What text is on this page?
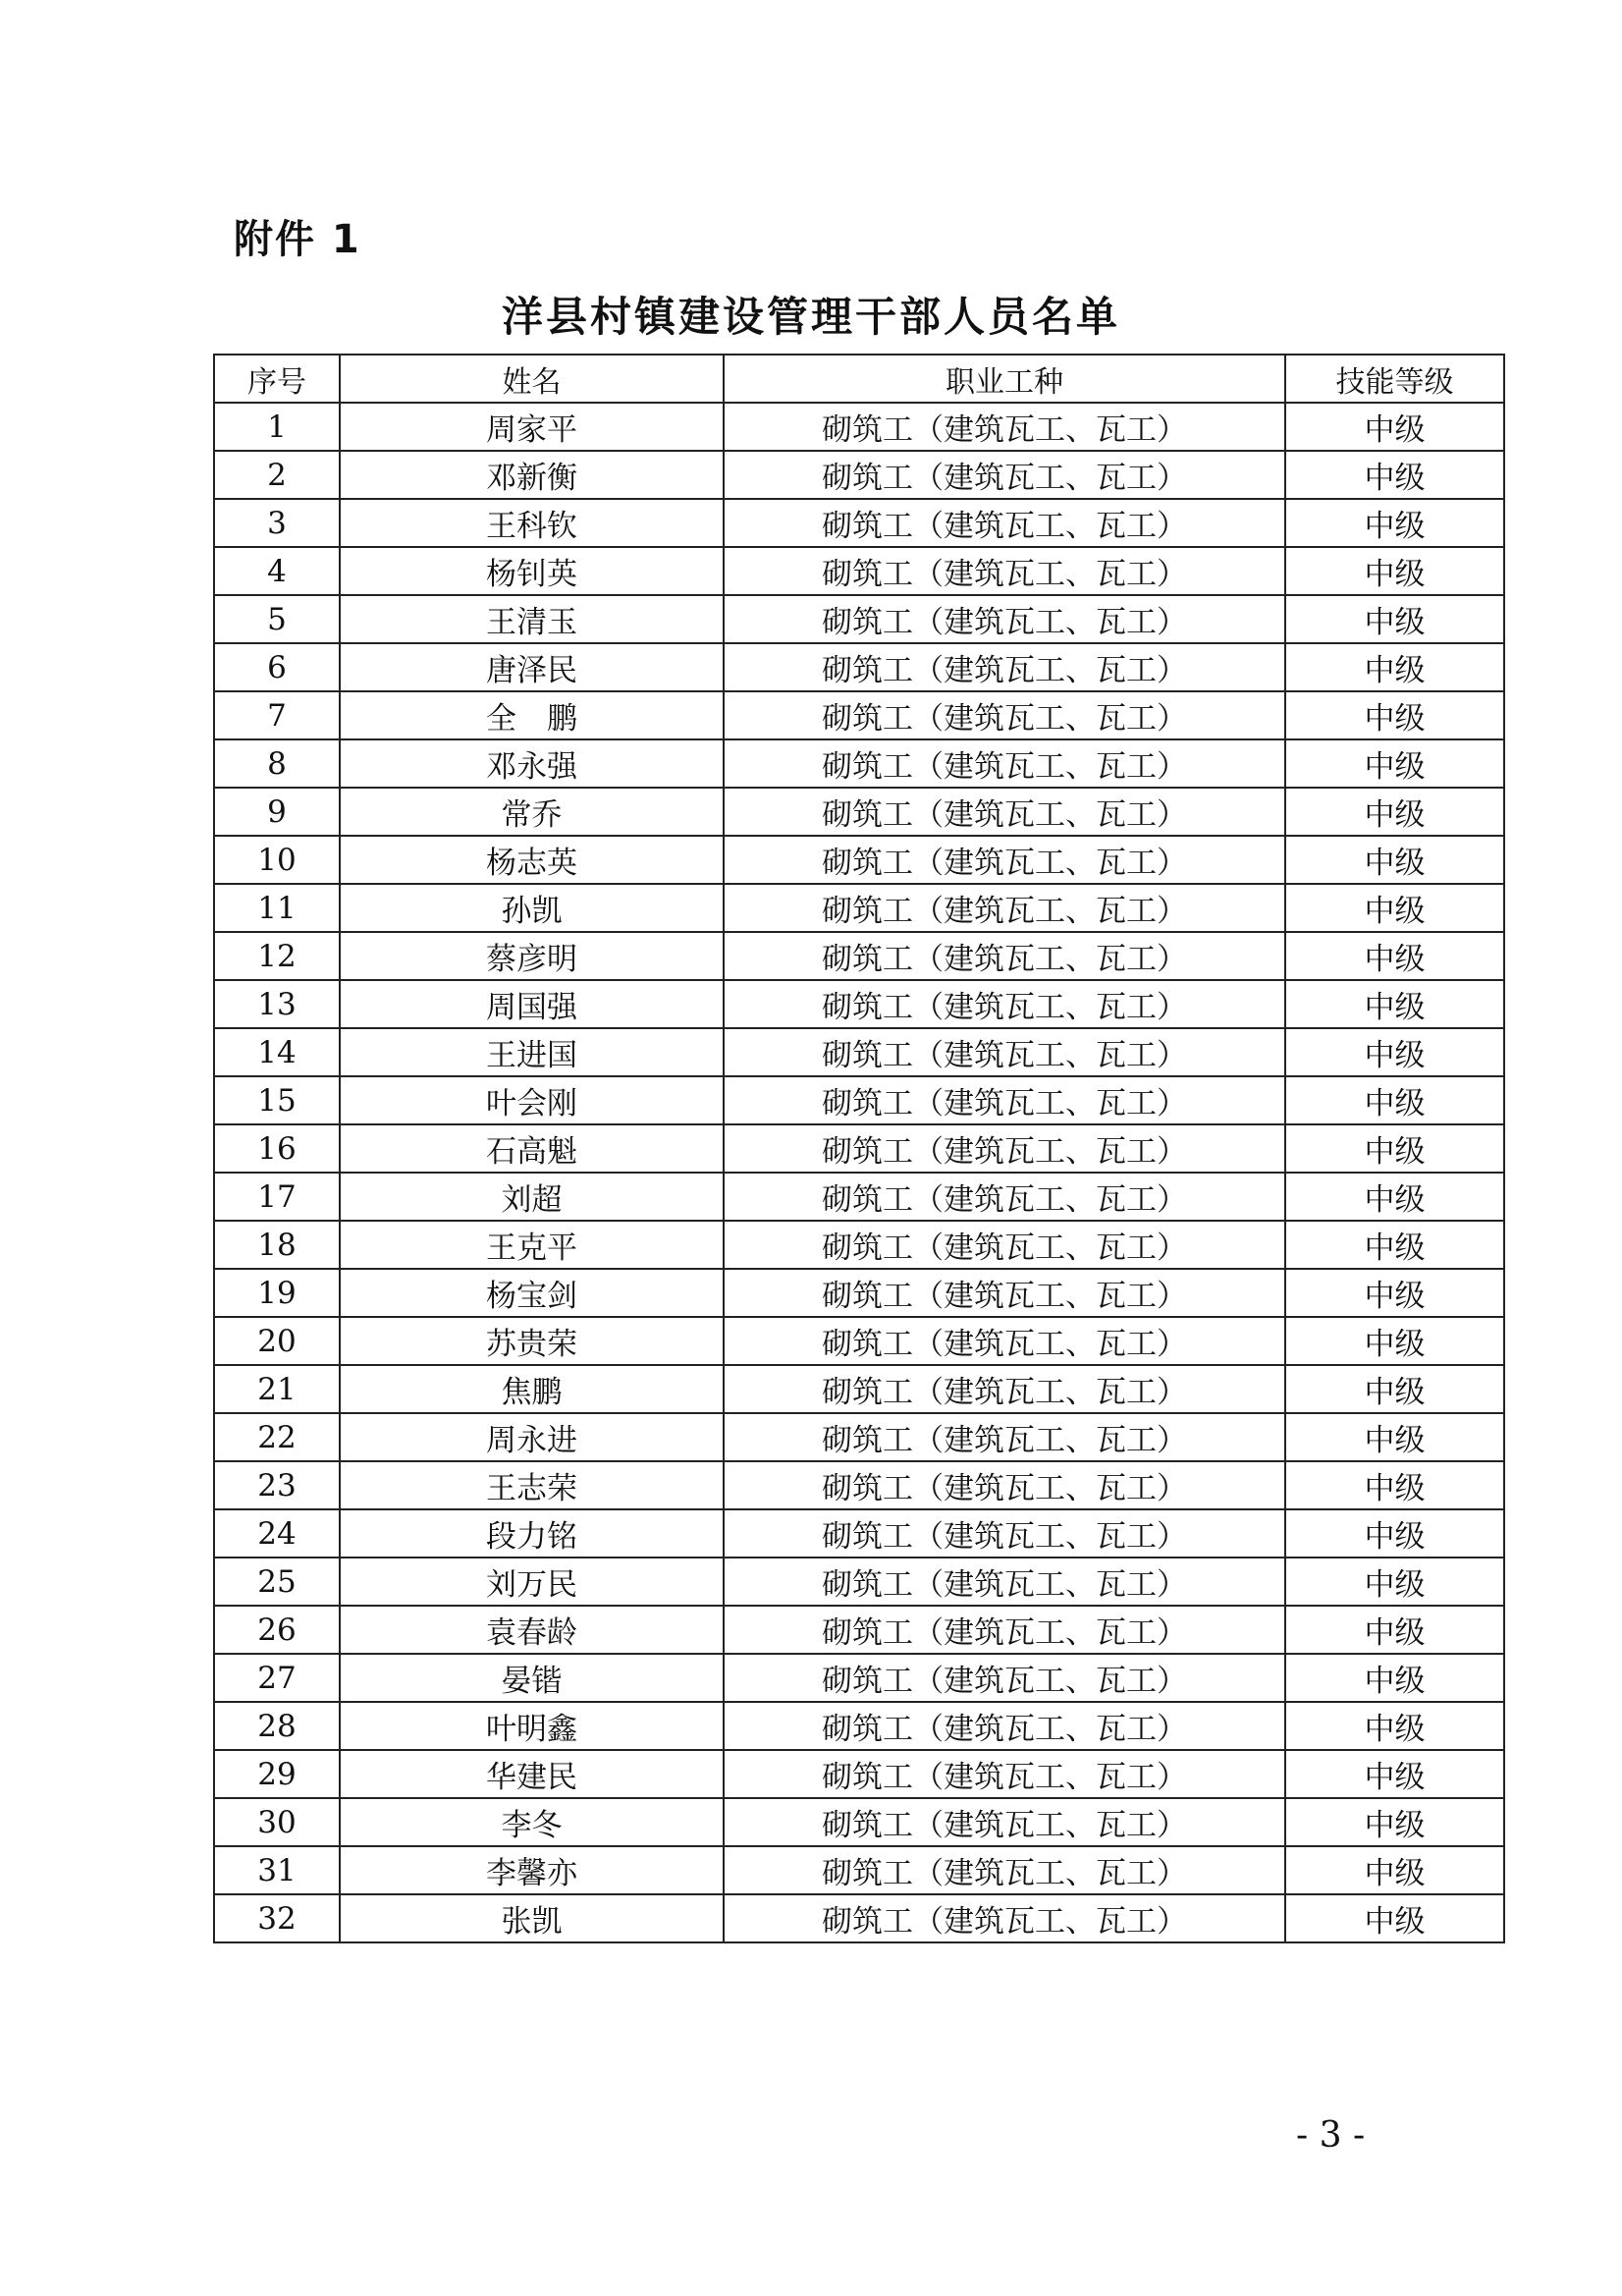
附件 1
洋县村镇建设管理干部人员名单
序号	姓名	职业工种	技能等级
1	周家平	砌筑工（建筑瓦工、瓦工）	中级
2	邓新衡	砌筑工（建筑瓦工、瓦工）	中级
3	王科钦	砌筑工（建筑瓦工、瓦工）	中级
4	杨钊英	砌筑工（建筑瓦工、瓦工）	中级
5	王清玉	砌筑工（建筑瓦工、瓦工）	中级
6	唐泽民	砌筑工（建筑瓦工、瓦工）	中级
7	全　鹏	砌筑工（建筑瓦工、瓦工）	中级
8	邓永强	砌筑工（建筑瓦工、瓦工）	中级
9	常乔	砌筑工（建筑瓦工、瓦工）	中级
10	杨志英	砌筑工（建筑瓦工、瓦工）	中级
11	孙凯	砌筑工（建筑瓦工、瓦工）	中级
12	蔡彦明	砌筑工（建筑瓦工、瓦工）	中级
13	周国强	砌筑工（建筑瓦工、瓦工）	中级
14	王进国	砌筑工（建筑瓦工、瓦工）	中级
15	叶会刚	砌筑工（建筑瓦工、瓦工）	中级
16	石高魁	砌筑工（建筑瓦工、瓦工）	中级
17	刘超	砌筑工（建筑瓦工、瓦工）	中级
18	王克平	砌筑工（建筑瓦工、瓦工）	中级
19	杨宝剑	砌筑工（建筑瓦工、瓦工）	中级
20	苏贵荣	砌筑工（建筑瓦工、瓦工）	中级
21	焦鹏	砌筑工（建筑瓦工、瓦工）	中级
22	周永进	砌筑工（建筑瓦工、瓦工）	中级
23	王志荣	砌筑工（建筑瓦工、瓦工）	中级
24	段力铭	砌筑工（建筑瓦工、瓦工）	中级
25	刘万民	砌筑工（建筑瓦工、瓦工）	中级
26	袁春龄	砌筑工（建筑瓦工、瓦工）	中级
27	晏锴	砌筑工（建筑瓦工、瓦工）	中级
28	叶明鑫	砌筑工（建筑瓦工、瓦工）	中级
29	华建民	砌筑工（建筑瓦工、瓦工）	中级
30	李冬	砌筑工（建筑瓦工、瓦工）	中级
31	李馨亦	砌筑工（建筑瓦工、瓦工）	中级
32	张凯	砌筑工（建筑瓦工、瓦工）	中级
- 3 -
